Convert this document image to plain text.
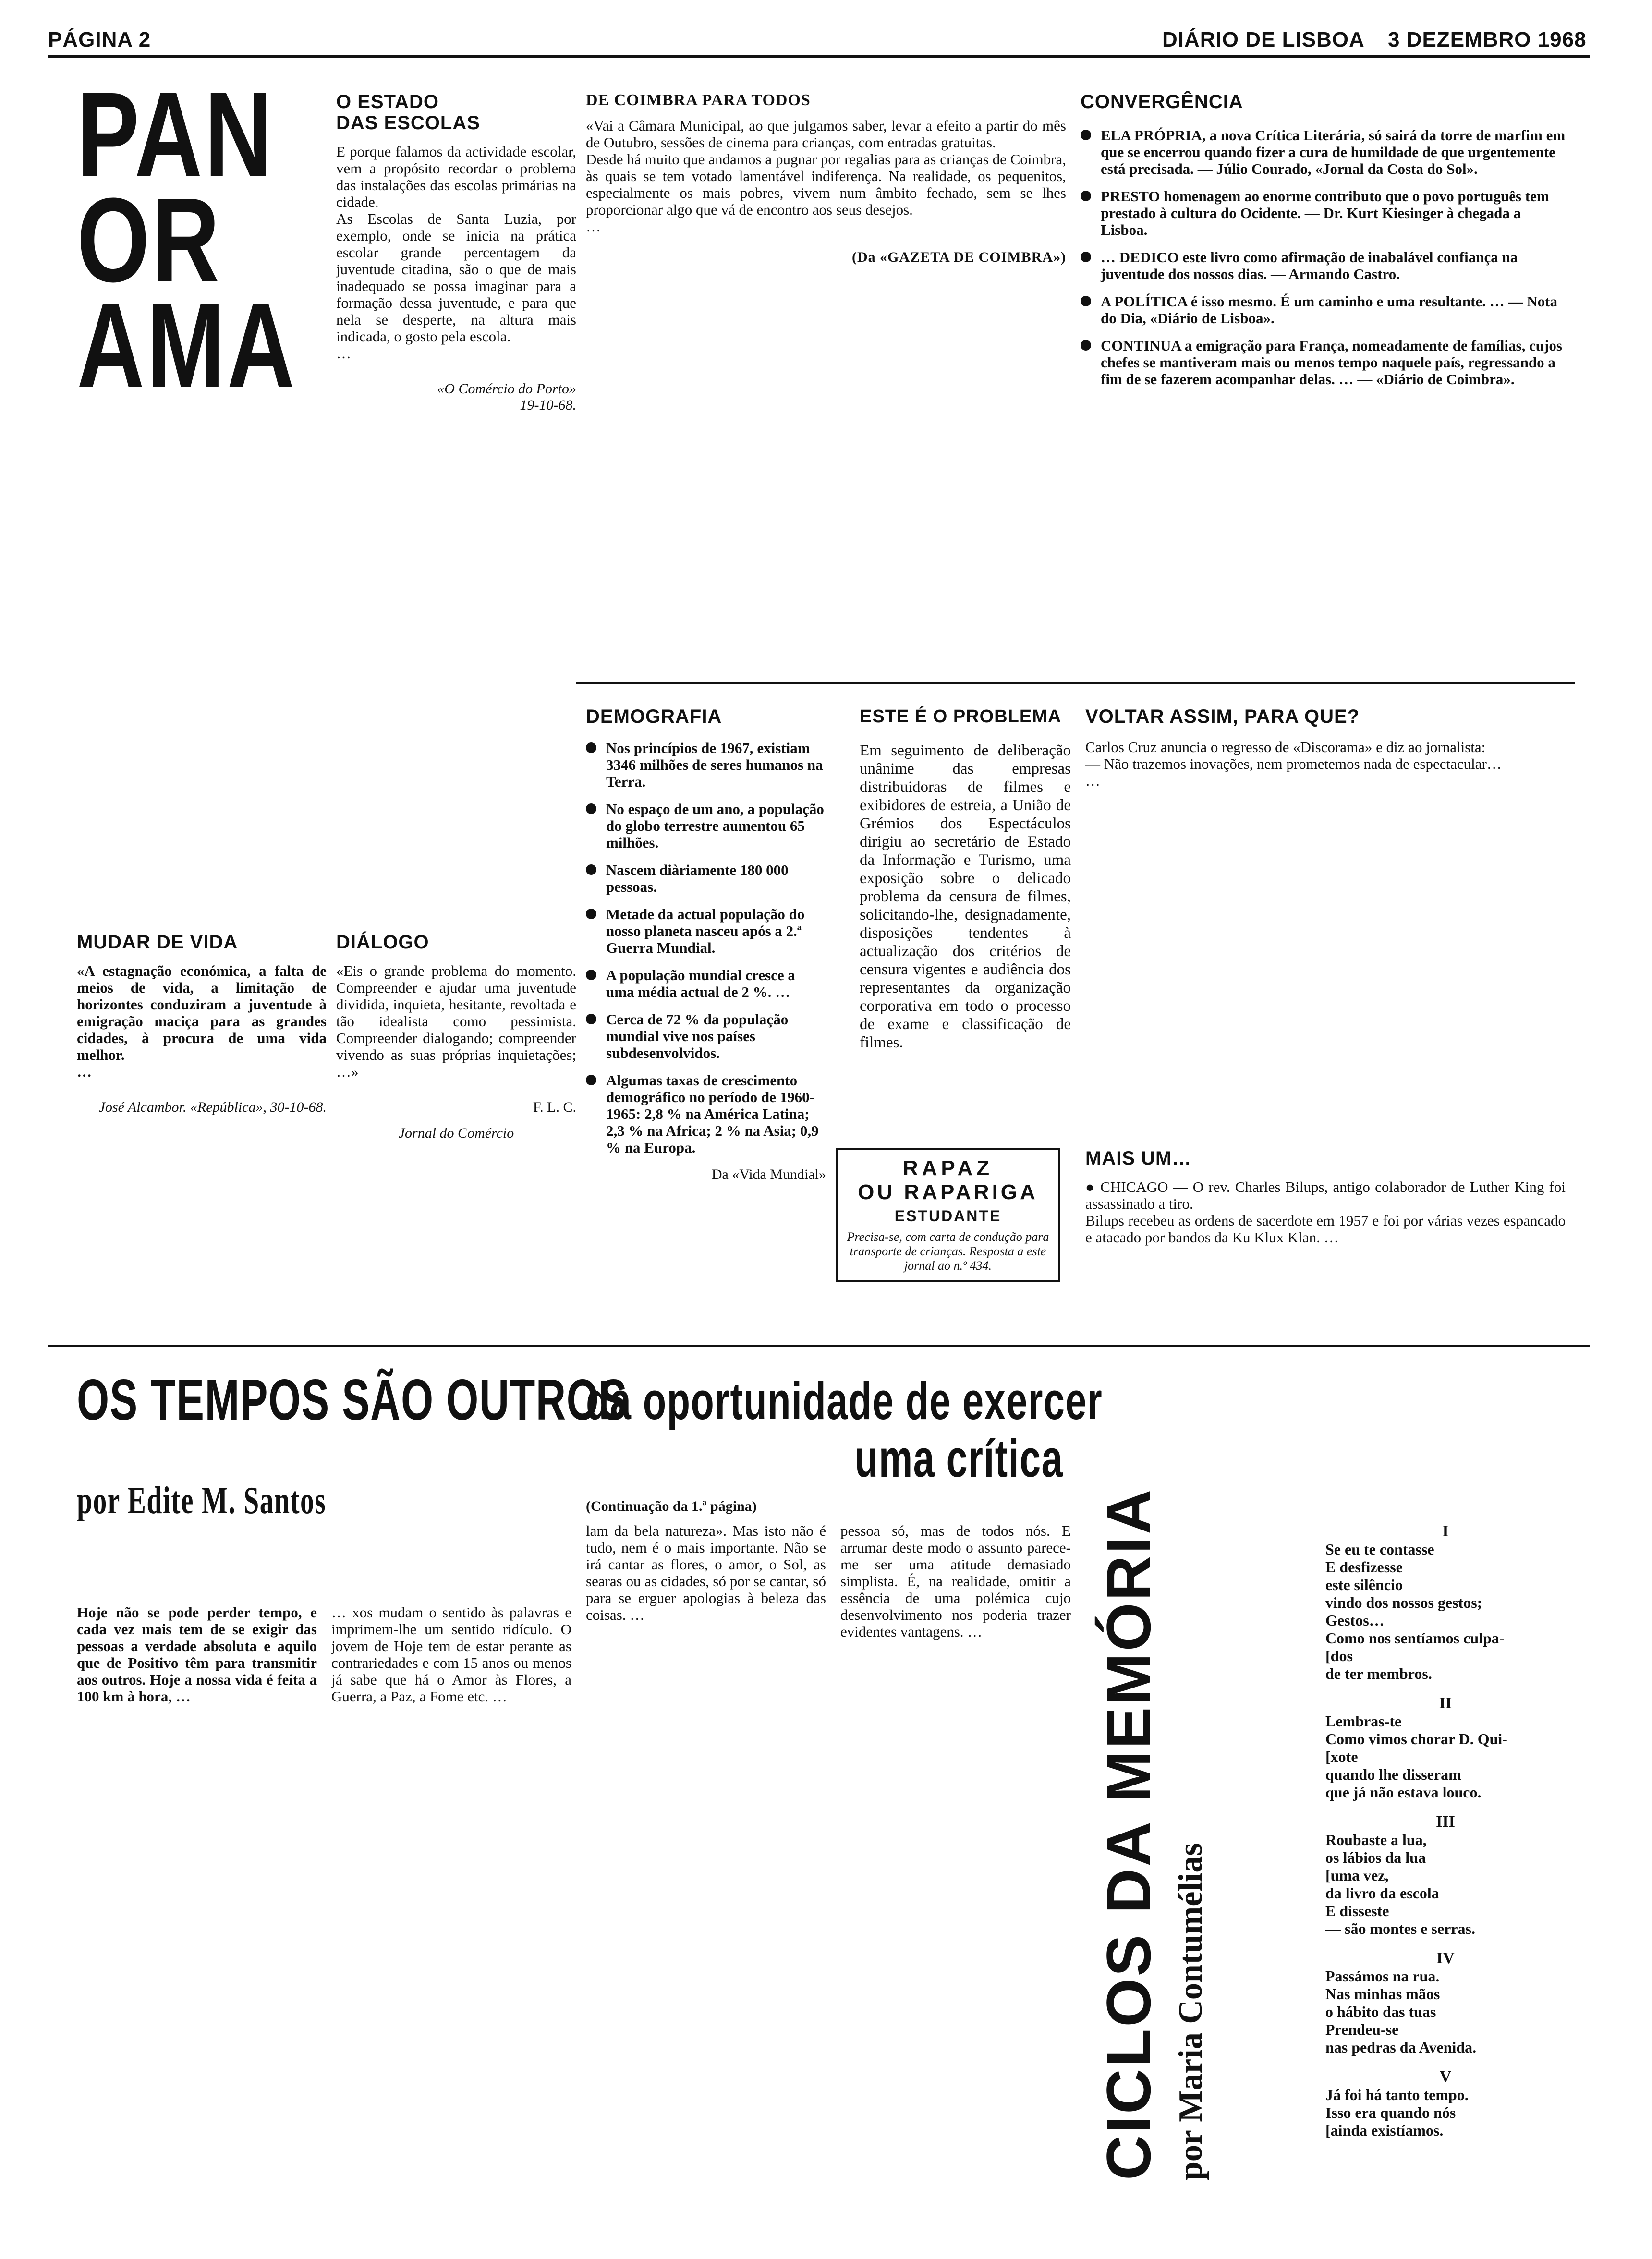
PÁGINA 2	DIÁRIO DE LISBOA 3 DEZEMBRO 1968
PAN
OR
AMA
O ESTADO
DAS ESCOLAS
E porque falamos da actividade escolar, vem a propósito recordar o problema das instalações das escolas primárias na cidade.
As Escolas de Santa Luzia, por exemplo, onde se inicia na prática escolar grande percentagem da juventude citadina, são o que de mais inadequado se possa imaginar para a formação dessa juventude, e para que nela se desperte, na altura mais indicada, o gosto pela escola.
…
«O Comércio do Porto»
19-10-68.
DE COIMBRA PARA TODOS
«Vai a Câmara Municipal, ao que julgamos saber, levar a efeito a partir do mês de Outubro, sessões de cinema para crianças, com entradas gratuitas.
Desde há muito que andamos a pugnar por regalias para as crianças de Coimbra, às quais se tem votado lamentável indiferença. Na realidade, os pequenitos, especialmente os mais pobres, vivem num âmbito fechado, sem se lhes proporcionar algo que vá de encontro aos seus desejos.
…
(Da «GAZETA DE COIMBRA»)
CONVERGÊNCIA
ELA PRÓPRIA, a nova Crítica Literária, só sairá da torre de marfim em que se encerrou quando fizer a cura de humildade de que urgentemente está precisada. — Júlio Courado, «Jornal da Costa do Sol».
PRESTO homenagem ao enorme contributo que o povo português tem prestado à cultura do Ocidente. — Dr. Kurt Kiesinger à chegada a Lisboa.
… DEDICO este livro como afirmação de inabalável confiança na juventude dos nossos dias. — Armando Castro.
A POLÍTICA é isso mesmo. É um caminho e uma resultante. … — Nota do Dia, «Diário de Lisboa».
CONTINUA a emigração para França, nomeadamente de famílias, cujos chefes se mantiveram mais ou menos tempo naquele país, regressando a fim de se fazerem acompanhar delas. … — «Diário de Coimbra».
MUDAR DE VIDA
«A estagnação económica, a falta de meios de vida, a limitação de horizontes conduziram a juventude à emigração maciça para as grandes cidades, à procura de uma vida melhor.
…
José Alcambor. «República», 30-10-68.
DIÁLOGO
«Eis o grande problema do momento. Compreender e ajudar uma juventude dividida, inquieta, hesitante, revoltada e tão idealista como pessimista. Compreender dialogando; compreender vivendo as suas próprias inquietações; …»
F. L. C.
Jornal do Comércio
DEMOGRAFIA
Nos princípios de 1967, existiam 3346 milhões de seres humanos na Terra.
No espaço de um ano, a população do globo terrestre aumentou 65 milhões.
Nascem diàriamente 180 000 pessoas.
Metade da actual população do nosso planeta nasceu após a 2.ª Guerra Mundial.
A população mundial cresce a uma média actual de 2 %. …
Cerca de 72 % da população mundial vive nos países subdesenvolvidos.
Algumas taxas de crescimento demográfico no período de 1960-1965: 2,8 % na América Latina; 2,3 % na Africa; 2 % na Asia; 0,9 % na Europa.
Da «Vida Mundial»
ESTE É O PROBLEMA
Em seguimento de deliberação unânime das empresas distribuidoras de filmes e exibidores de estreia, a União de Grémios dos Espectáculos dirigiu ao secretário de Estado da Informação e Turismo, uma exposição sobre o delicado problema da censura de filmes, solicitando-lhe, designadamente, disposições tendentes à actualização dos critérios de censura vigentes e audiência dos representantes da organização corporativa em todo o processo de exame e classificação de filmes.
VOLTAR ASSIM, PARA QUE?
Carlos Cruz anuncia o regresso de «Discorama» e diz ao jornalista:
— Não trazemos inovações, nem prometemos nada de espectacular…
…
RAPAZ
OU RAPARIGA
ESTUDANTE
Precisa-se, com carta de condução para transporte de crianças. Resposta a este jornal ao n.º 434.
MAIS UM…
● CHICAGO — O rev. Charles Bilups, antigo colaborador de Luther King foi assassinado a tiro.
Bilups recebeu as ordens de sacerdote em 1957 e foi por várias vezes espancado e atacado por bandos da Ku Klux Klan. …
OS TEMPOS SÃO OUTROS
por Edite M. Santos
Hoje não se pode perder tempo, e cada vez mais tem de se exigir das pessoas a verdade absoluta e aquilo que de Positivo têm para transmitir aos outros. Hoje a nossa vida é feita a 100 km à hora, …
… xos mudam o sentido às palavras e imprimem-lhe um sentido ridículo. O jovem de Hoje tem de estar perante as contrariedades e com 15 anos ou menos já sabe que há o Amor às Flores, a Guerra, a Paz, a Fome etc. …
da oportunidade de exercer
uma crítica
(Continuação da 1.ª página)
lam da bela natureza». Mas isto não é tudo, nem é o mais importante. Não se irá cantar as flores, o amor, o Sol, as searas ou as cidades, só por se cantar, só para se erguer apologias à beleza das coisas. …
pessoa só, mas de todos nós. E arrumar deste modo o assunto parece-me ser uma atitude demasiado simplista. É, na realidade, omitir a essência de uma polémica cujo desenvolvimento nos poderia trazer evidentes vantagens. …	CICLOS DA MEMÓRIA por Maria Contumélias
I
Se eu te contasse
E desfizesse
este silêncio
vindo dos nossos gestos;
Gestos…
Como nos sentíamos culpa-
[dos
de ter membros.
II
Lembras-te
Como vimos chorar D. Qui-
[xote
quando lhe disseram
que já não estava louco.
III
Roubaste a lua,
os lábios da lua
[uma vez,
da livro da escola
E disseste
— são montes e serras.
IV
Passámos na rua.
Nas minhas mãos
o hábito das tuas
Prendeu-se
nas pedras da Avenida.
V
Já foi há tanto tempo.
Isso era quando nós
[ainda existíamos.
